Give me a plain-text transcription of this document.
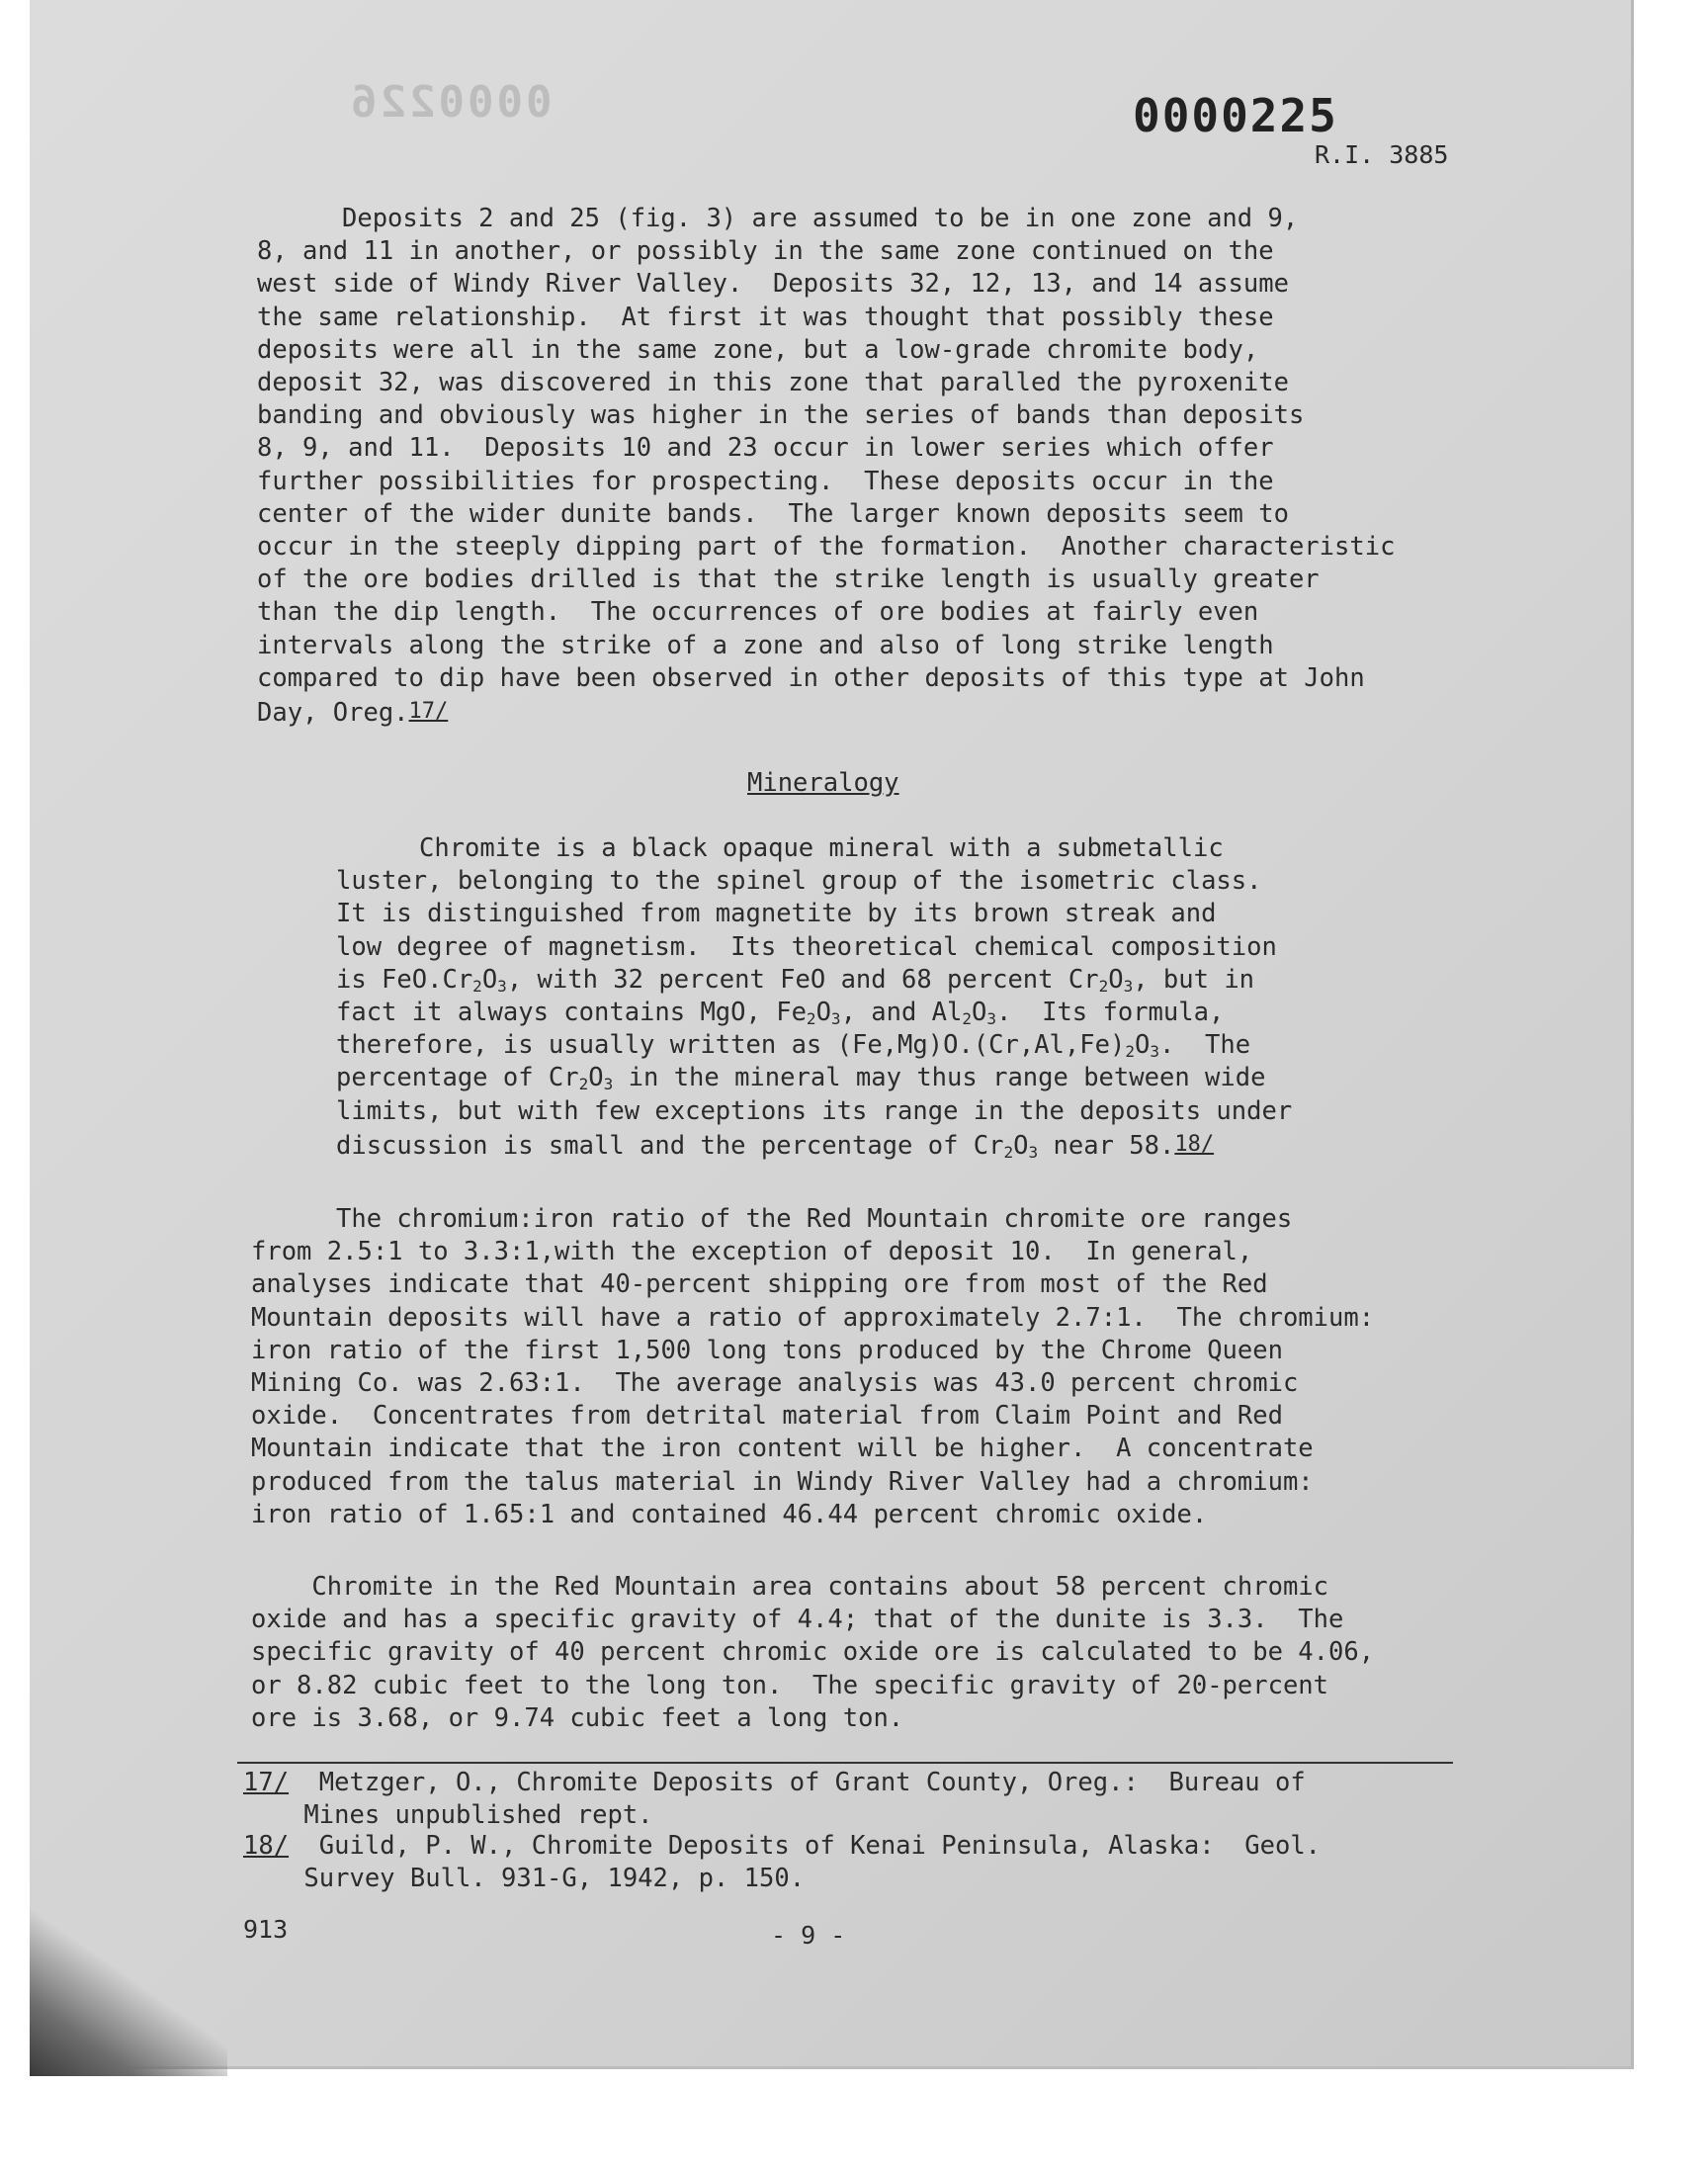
0000226	0000225
R.I. 3885
Deposits 2 and 25 (fig. 3) are assumed to be in one zone and 9,
8, and 11 in another, or possibly in the same zone continued on the
west side of Windy River Valley.  Deposits 32, 12, 13, and 14 assume
the same relationship.  At first it was thought that possibly these
deposits were all in the same zone, but a low-grade chromite body,
deposit 32, was discovered in this zone that paralled the pyroxenite
banding and obviously was higher in the series of bands than deposits
8, 9, and 11.  Deposits 10 and 23 occur in lower series which offer
further possibilities for prospecting.  These deposits occur in the
center of the wider dunite bands.  The larger known deposits seem to
occur in the steeply dipping part of the formation.  Another characteristic
of the ore bodies drilled is that the strike length is usually greater
than the dip length.  The occurrences of ore bodies at fairly even
intervals along the strike of a zone and also of long strike length
compared to dip have been observed in other deposits of this type at John
Day, Oreg.17/
Mineralogy
Chromite is a black opaque mineral with a submetallic
luster, belonging to the spinel group of the isometric class.
It is distinguished from magnetite by its brown streak and
low degree of magnetism.  Its theoretical chemical composition
is $FeO.Cr_2O_3$, with 32 percent FeO and 68 percent $Cr_2O_3$, but in
fact it always contains MgO, $Fe_2O_3$, and $Al_2O_3$.  Its formula,
therefore, is usually written as $(Fe,Mg)O.(Cr,Al,Fe)_2O_3$.  The
percentage of $Cr_2O_3$ in the mineral may thus range between wide
limits, but with few exceptions its range in the deposits under
discussion is small and the percentage of $Cr_2O_3$ near 58.18/
The chromium:iron ratio of the Red Mountain chromite ore ranges
from 2.5:1 to 3.3:1,with the exception of deposit 10.  In general,
analyses indicate that 40-percent shipping ore from most of the Red
Mountain deposits will have a ratio of approximately 2.7:1.  The chromium:
iron ratio of the first 1,500 long tons produced by the Chrome Queen
Mining Co. was 2.63:1.  The average analysis was 43.0 percent chromic
oxide.  Concentrates from detrital material from Claim Point and Red
Mountain indicate that the iron content will be higher.  A concentrate
produced from the talus material in Windy River Valley had a chromium:
iron ratio of 1.65:1 and contained 46.44 percent chromic oxide.
Chromite in the Red Mountain area contains about 58 percent chromic
oxide and has a specific gravity of 4.4; that of the dunite is 3.3.  The
specific gravity of 40 percent chromic oxide ore is calculated to be 4.06,
or 8.82 cubic feet to the long ton.  The specific gravity of 20-percent
ore is 3.68, or 9.74 cubic feet a long ton.
17/ Metzger, O., Chromite Deposits of Grant County, Oreg.:  Bureau of
Mines unpublished rept.
18/ Guild, P. W., Chromite Deposits of Kenai Peninsula, Alaska:  Geol.
Survey Bull. 931-G, 1942, p. 150.
913	- 9 -
